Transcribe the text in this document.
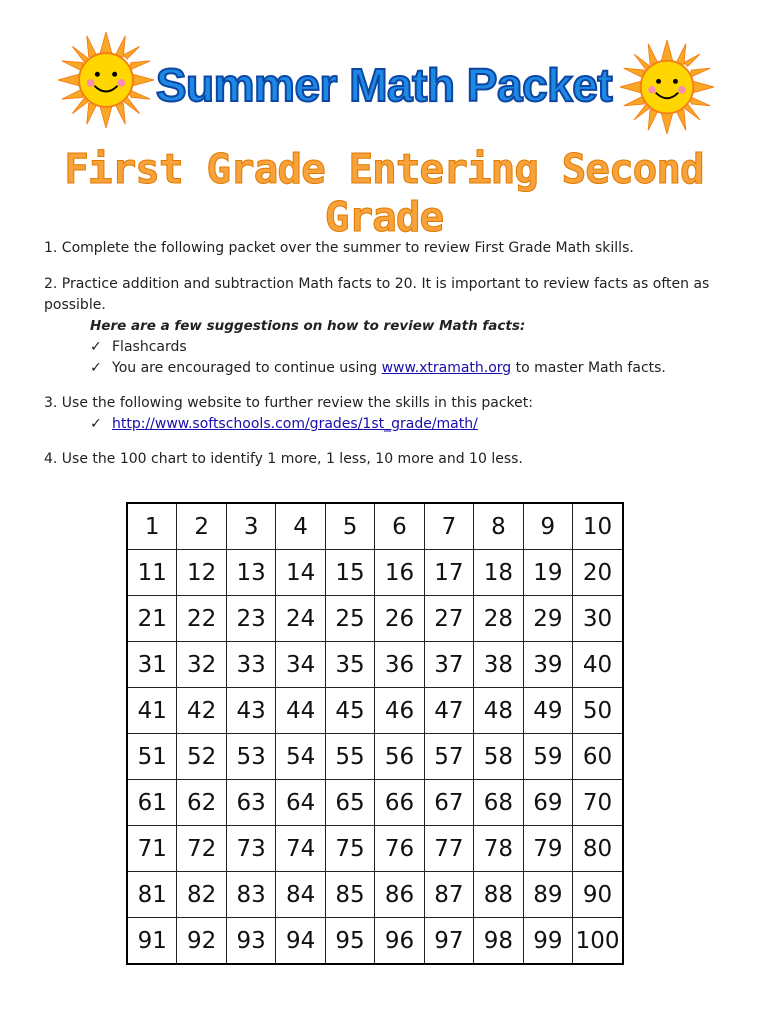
Summer Math Packet
First Grade Entering Second Grade

1. Complete the following packet over the summer to review First Grade Math skills.

2. Practice addition and subtraction Math facts to 20. It is important to review facts as often as possible.

Here are a few suggestions on how to review Math facts:

✓ Flashcards
✓ You are encouraged to continue using www.xtramath.org to master Math facts.

3. Use the following website to further review the skills in this packet:

✓ http://www.softschools.com/grades/1st_grade/math/

4. Use the 100 chart to identify 1 more, 1 less, 10 more and 10 less.

1	2	3	4	5	6	7	8	9	10
11	12	13	14	15	16	17	18	19	20
21	22	23	24	25	26	27	28	29	30
31	32	33	34	35	36	37	38	39	40
41	42	43	44	45	46	47	48	49	50
51	52	53	54	55	56	57	58	59	60
61	62	63	64	65	66	67	68	69	70
71	72	73	74	75	76	77	78	79	80
81	82	83	84	85	86	87	88	89	90
91	92	93	94	95	96	97	98	99	100
